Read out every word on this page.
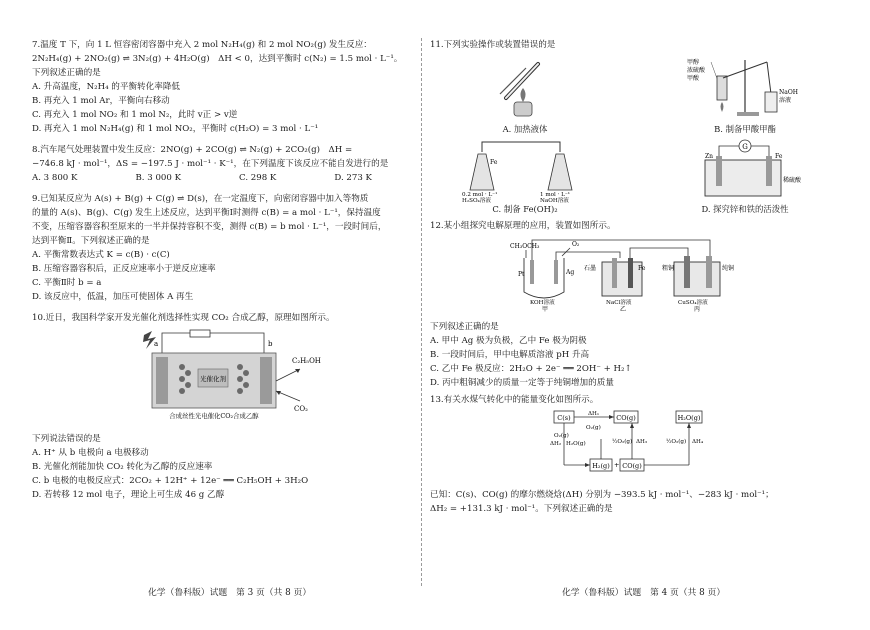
7.温度 T 下，向 1 L 恒容密闭容器中充入 2 mol N₂H₄(g) 和 2 mol NO₂(g) 发生反应：
2N₂H₄(g) + 2NO₂(g) ⇌ 3N₂(g) + 4H₂O(g)　ΔH < 0，达到平衡时 c(N₂) = 1.5 mol · L⁻¹。
下列叙述正确的是
A. 升高温度，N₂H₄ 的平衡转化率降低
B. 再充入 1 mol Ar，平衡向右移动
C. 再充入 1 mol NO₂ 和 1 mol N₂，此时 v正 > v逆
D. 再充入 1 mol N₂H₄(g) 和 1 mol NO₂，平衡时 c(H₂O) = 3 mol · L⁻¹
8.汽车尾气处理装置中发生反应：2NO(g) + 2CO(g) ⇌ N₂(g) + 2CO₂(g)　ΔH =
−746.8 kJ · mol⁻¹，ΔS = −197.5 J · mol⁻¹ · K⁻¹，在下列温度下该反应不能自发进行的是
A. 3 800 K	B. 3 000 K	C. 298 K	D. 273 K
9.已知某反应为 A(s) + B(g) + C(g) ⇌ D(s)，在一定温度下，向密闭容器中加入等物质
的量的 A(s)、B(g)、C(g) 发生上述反应，达到平衡Ⅰ时测得 c(B) = a mol · L⁻¹，保持温度
不变，压缩容器容积至原来的一半并保持容积不变，测得 c(B) = b mol · L⁻¹，一段时间后，
达到平衡Ⅱ。下列叙述正确的是
A. 平衡常数表达式 K = c(B) · c(C)
B. 压缩容器容积后，正反应速率小于逆反应速率
C. 平衡Ⅱ时 b = a
D. 该反应中，低温，加压可使固体 A 再生
10.近日，我国科学家开发光催化剂选择性实现 CO₂ 合成乙醇，原理如图所示。
a	b
光催化剂
C₂H₅OH
CO₂
合成丝性光电催化CO₂合成乙醇
下列说法错误的是
A. H⁺ 从 b 电极向 a 电极移动
B. 光催化剂能加快 CO₂ 转化为乙醇的反应速率
C. b 电极的电极反应式：2CO₂ + 12H⁺ + 12e⁻ ══ C₂H₅OH + 3H₂O
D. 若转移 12 mol 电子，理论上可生成 46 g 乙醇
化学（鲁科版）试题　第 3 页（共 8 页）
11.下列实验操作或装置错误的是
A. 加热液体
甲醇
浓硫酸
甲酸
NaOH
溶液
B. 制备甲酸甲酯
Fe
0.2 mol · L⁻¹
H₂SO₄溶液
1 mol · L⁻¹
NaOH溶液
C. 制备 Fe(OH)₂
G
Zn	Fe
稀硫酸
D. 探究锌和铁的活泼性
12.某小组探究电解原理的应用，装置如图所示。
CH₃OCH₃	O₂
Pt	Ag
KOH溶液
甲
Fe
石墨
NaCl溶液
乙
粗铜	纯铜
CuSO₄溶液
丙
下列叙述正确的是
A. 甲中 Ag 极为负极，乙中 Fe 极为阴极
B. 一段时间后，甲中电解质溶液 pH 升高
C. 乙中 Fe 极反应：2H₂O + 2e⁻ ══ 2OH⁻ + H₂↑
D. 丙中粗铜减少的质量一定等于纯铜增加的质量
13.有关水煤气转化中的能量变化如图所示。
C(s)	CO(g)	H₂O(g)
ΔH₁
O₂(g)
ΔH₂ H₂O(g)
H₂(g) + CO(g)
ΔH₃
½O₂(g)	½O₂(g) ΔH₄
O₂(g)
已知：C(s)、CO(g) 的摩尔燃烧焓(ΔH) 分别为 −393.5 kJ · mol⁻¹、−283 kJ · mol⁻¹；
ΔH₂ = +131.3 kJ · mol⁻¹。下列叙述正确的是
化学（鲁科版）试题　第 4 页（共 8 页）
